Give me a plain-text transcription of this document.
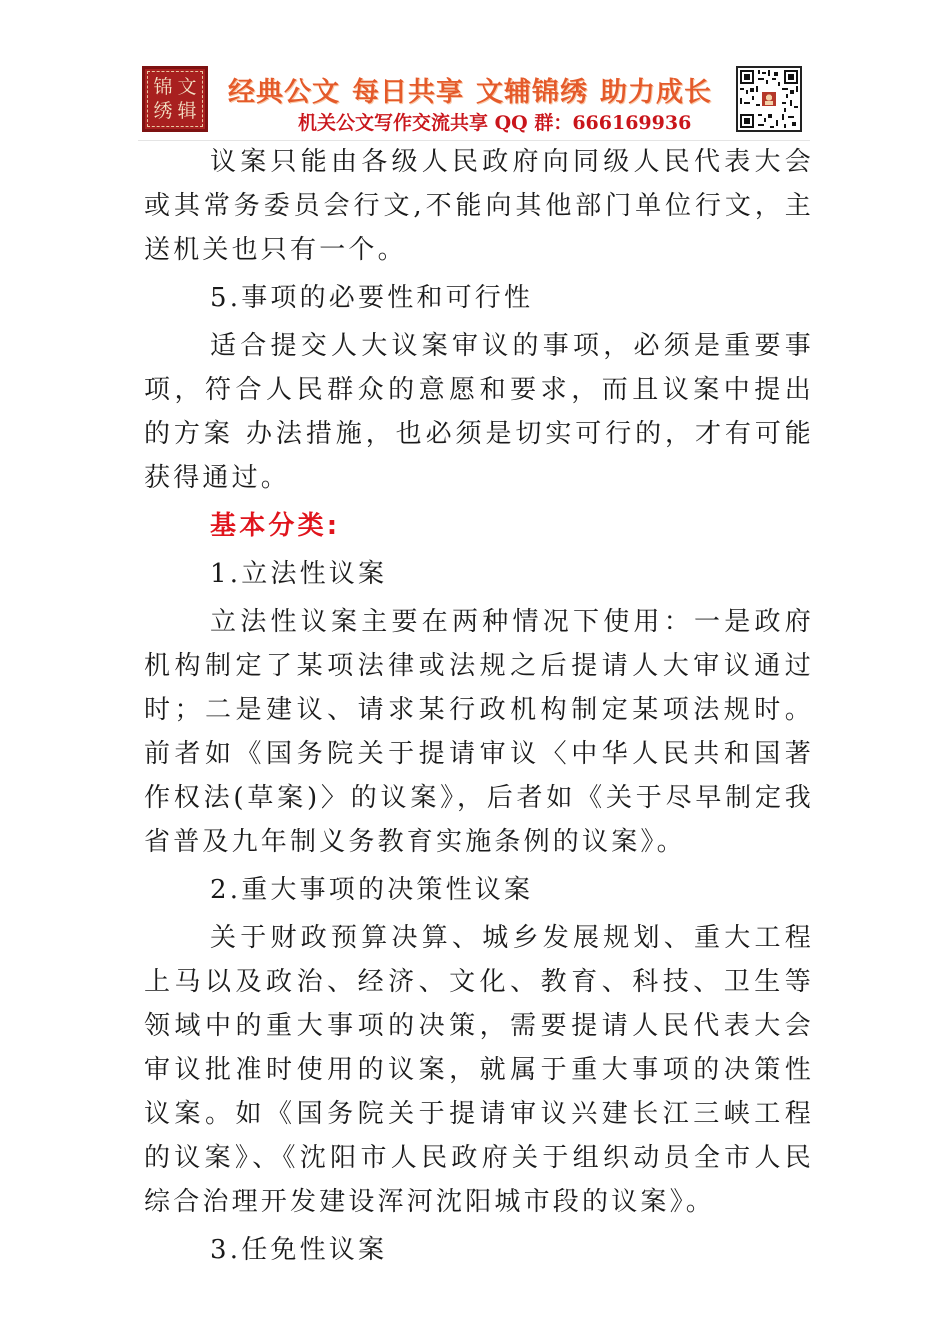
锦 文
绣 辑
经典公文 每日共享 文辅锦绣 助力成长
机关公文写作交流共享 QQ 群：666169936

议案只能由各级人民政府向同级人民代表大会或其常务委员会行文,不能向其他部门单位行文，主送机关也只有一个。

5.事项的必要性和可行性

适合提交人大议案审议的事项，必须是重要事项，符合人民群众的意愿和要求，而且议案中提出的方案 办法措施，也必须是切实可行的，才有可能获得通过。

基本分类:

1.立法性议案

立法性议案主要在两种情况下使用：一是政府机构制定了某项法律或法规之后提请人大审议通过时；二是建议、请求某行政机构制定某项法规时。前者如《国务院关于提请审议〈中华人民共和国著作权法(草案)〉的议案》，后者如《关于尽早制定我省普及九年制义务教育实施条例的议案》。

2.重大事项的决策性议案

关于财政预算决算、城乡发展规划、重大工程上马以及政治、经济、文化、教育、科技、卫生等领域中的重大事项的决策，需要提请人民代表大会审议批准时使用的议案，就属于重大事项的决策性议案。如《国务院关于提请审议兴建长江三峡工程的议案》、《沈阳市人民政府关于组织动员全市人民综合治理开发建设浑河沈阳城市段的议案》。

3.任免性议案
